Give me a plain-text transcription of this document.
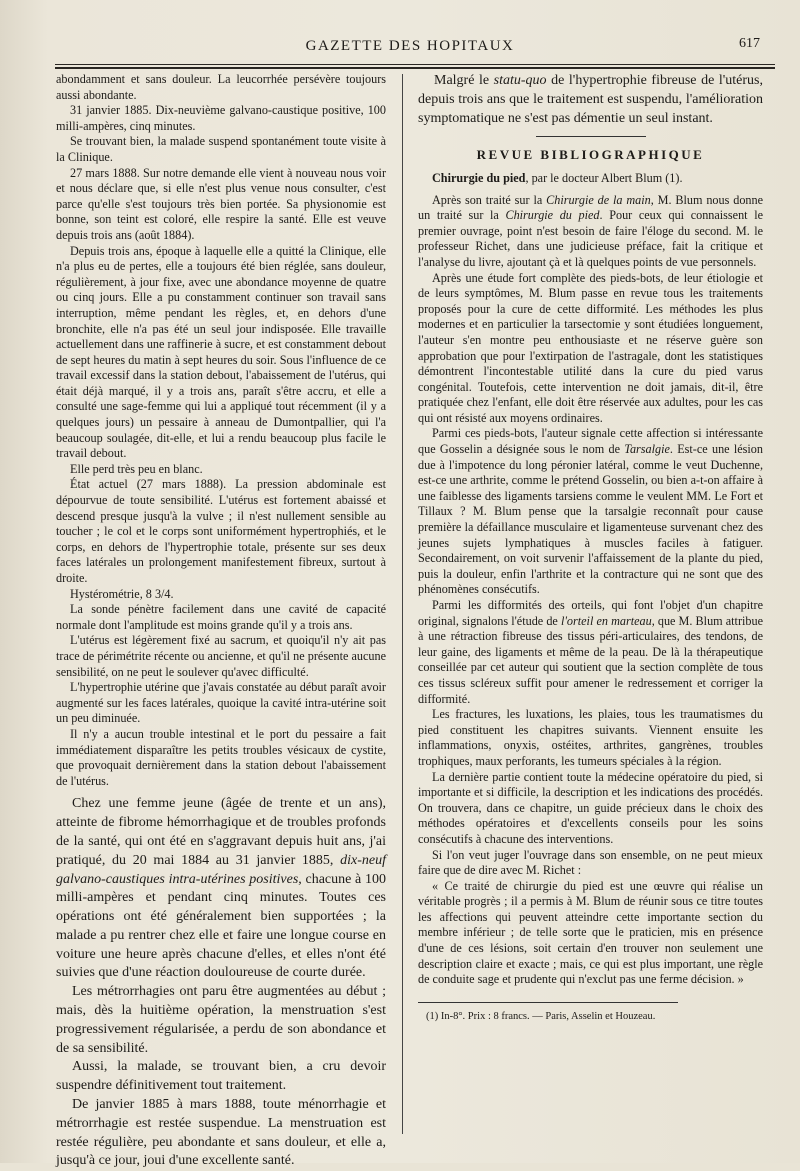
GAZETTE DES HOPITAUX	617

abondamment et sans douleur. La leucorrhée persévère toujours aussi abondante.

31 janvier 1885. Dix-neuvième galvano-caustique positive, 100 milli-ampères, cinq minutes.

Se trouvant bien, la malade suspend spontanément toute visite à la Clinique.

27 mars 1888. Sur notre demande elle vient à nouveau nous voir et nous déclare que, si elle n'est plus venue nous consulter, c'est parce qu'elle s'est toujours très bien portée. Sa physionomie est bonne, son teint est coloré, elle respire la santé. Elle est veuve depuis trois ans (août 1884).

Depuis trois ans, époque à laquelle elle a quitté la Clinique, elle n'a plus eu de pertes, elle a toujours été bien réglée, sans douleur, régulièrement, à jour fixe, avec une abondance moyenne de quatre ou cinq jours. Elle a pu constamment continuer son travail sans interruption, même pendant les règles, et, en dehors d'une bronchite, elle n'a pas été un seul jour indisposée. Elle travaille actuellement dans une raffinerie à sucre, et est constamment debout de sept heures du matin à sept heures du soir. Sous l'influence de ce travail excessif dans la station debout, l'abaissement de l'utérus, qui était déjà marqué, il y a trois ans, paraît s'être accru, et elle a consulté une sage-femme qui lui a appliqué tout récemment (il y a quelques jours) un pessaire à anneau de Dumontpallier, qui l'a beaucoup soulagée, dit-elle, et lui a rendu beaucoup plus facile le travail debout.

Elle perd très peu en blanc.

État actuel (27 mars 1888). La pression abdominale est dépourvue de toute sensibilité. L'utérus est fortement abaissé et descend presque jusqu'à la vulve ; il n'est nullement sensible au toucher ; le col et le corps sont uniformément hypertrophiés, et le corps, en dehors de l'hypertrophie totale, présente sur ses deux faces latérales un prolongement manifestement fibreux, surtout à droite.

Hystérométrie, 8 3/4.

La sonde pénètre facilement dans une cavité de capacité normale dont l'amplitude est moins grande qu'il y a trois ans.

L'utérus est légèrement fixé au sacrum, et quoiqu'il n'y ait pas trace de périmétrite récente ou ancienne, et qu'il ne présente aucune sensibilité, on ne peut le soulever qu'avec difficulté.

L'hypertrophie utérine que j'avais constatée au début paraît avoir augmenté sur les faces latérales, quoique la cavité intra-utérine soit un peu diminuée.

Il n'y a aucun trouble intestinal et le port du pessaire a fait immédiatement disparaître les petits troubles vésicaux de cystite, que provoquait dernièrement dans la station debout l'abaissement de l'utérus.

Chez une femme jeune (âgée de trente et un ans), atteinte de fibrome hémorrhagique et de troubles profonds de la santé, qui ont été en s'aggravant depuis huit ans, j'ai pratiqué, du 20 mai 1884 au 31 janvier 1885, dix-neuf galvano-caustiques intra-utérines positives, chacune à 100 milli-ampères et pendant cinq minutes. Toutes ces opérations ont été généralement bien supportées ; la malade a pu rentrer chez elle et faire une longue course en voiture une heure après chacune d'elles, et elles n'ont été suivies que d'une réaction douloureuse de courte durée.

Les métrorrhagies ont paru être augmentées au début ; mais, dès la huitième opération, la menstruation s'est progressivement régularisée, a perdu de son abondance et de sa sensibilité.

Aussi, la malade, se trouvant bien, a cru devoir suspendre définitivement tout traitement.

De janvier 1885 à mars 1888, toute ménorrhagie et métrorrhagie est restée suspendue. La menstruation est restée régulière, peu abondante et sans douleur, et elle a, jusqu'à ce jour, joui d'une excellente santé.

Malgré le statu-quo de l'hypertrophie fibreuse de l'utérus, depuis trois ans que le traitement est suspendu, l'amélioration symptomatique ne s'est pas démentie un seul instant.

REVUE BIBLIOGRAPHIQUE

Chirurgie du pied, par le docteur Albert Blum (1).

Après son traité sur la Chirurgie de la main, M. Blum nous donne un traité sur la Chirurgie du pied. Pour ceux qui connaissent le premier ouvrage, point n'est besoin de faire l'éloge du second. M. le professeur Richet, dans une judicieuse préface, fait la critique et l'analyse du livre, ajoutant çà et là quelques points de vue personnels.

Après une étude fort complète des pieds-bots, de leur étiologie et de leurs symptômes, M. Blum passe en revue tous les traitements proposés pour la cure de cette difformité. Les méthodes les plus modernes et en particulier la tarsectomie y sont étudiées longuement, l'auteur s'en montre peu enthousiaste et ne réserve guère son approbation que pour l'extirpation de l'astragale, dont les statistiques démontrent l'incontestable utilité dans la cure du pied varus congénital. Toutefois, cette intervention ne doit jamais, dit-il, être pratiquée chez l'enfant, elle doit être réservée aux adultes, pour les cas qui ont résisté aux moyens ordinaires.

Parmi ces pieds-bots, l'auteur signale cette affection si intéressante que Gosselin a désignée sous le nom de Tarsalgie. Est-ce une lésion due à l'impotence du long péronier latéral, comme le veut Duchenne, est-ce une arthrite, comme le prétend Gosselin, ou bien a-t-on affaire à une faiblesse des ligaments tarsiens comme le veulent MM. Le Fort et Tillaux ? M. Blum pense que la tarsalgie reconnaît pour cause première la défaillance musculaire et ligamenteuse survenant chez des jeunes sujets lymphatiques à muscles faciles à fatiguer. Secondairement, on voit survenir l'affaissement de la plante du pied, puis la douleur, enfin l'arthrite et la contracture qui ne sont que des phénomènes consécutifs.

Parmi les difformités des orteils, qui font l'objet d'un chapitre original, signalons l'étude de l'orteil en marteau, que M. Blum attribue à une rétraction fibreuse des tissus péri-articulaires, des tendons, de leur gaine, des ligaments et même de la peau. De là la thérapeutique conseillée par cet auteur qui soutient que la section complète de tous ces tissus scléreux suffit pour amener le redressement et corriger la difformité.

Les fractures, les luxations, les plaies, tous les traumatismes du pied constituent les chapitres suivants. Viennent ensuite les inflammations, onyxis, ostéites, arthrites, gangrènes, troubles trophiques, maux perforants, les tumeurs spéciales à la région.

La dernière partie contient toute la médecine opératoire du pied, si importante et si difficile, la description et les indications des procédés. On trouvera, dans ce chapitre, un guide précieux dans le choix des méthodes opératoires et d'excellents conseils pour les soins consécutifs à chacune des interventions.

Si l'on veut juger l'ouvrage dans son ensemble, on ne peut mieux faire que de dire avec M. Richet :

« Ce traité de chirurgie du pied est une œuvre qui réalise un véritable progrès ; il a permis à M. Blum de réunir sous ce titre toutes les affections qui peuvent atteindre cette importante section du membre inférieur ; de telle sorte que le praticien, mis en présence d'une de ces lésions, soit certain d'en trouver non seulement une description claire et exacte ; mais, ce qui est plus important, une règle de conduite sage et prudente qui n'exclut pas une ferme décision. »

(1) In-8°. Prix : 8 francs. — Paris, Asselin et Houzeau.
